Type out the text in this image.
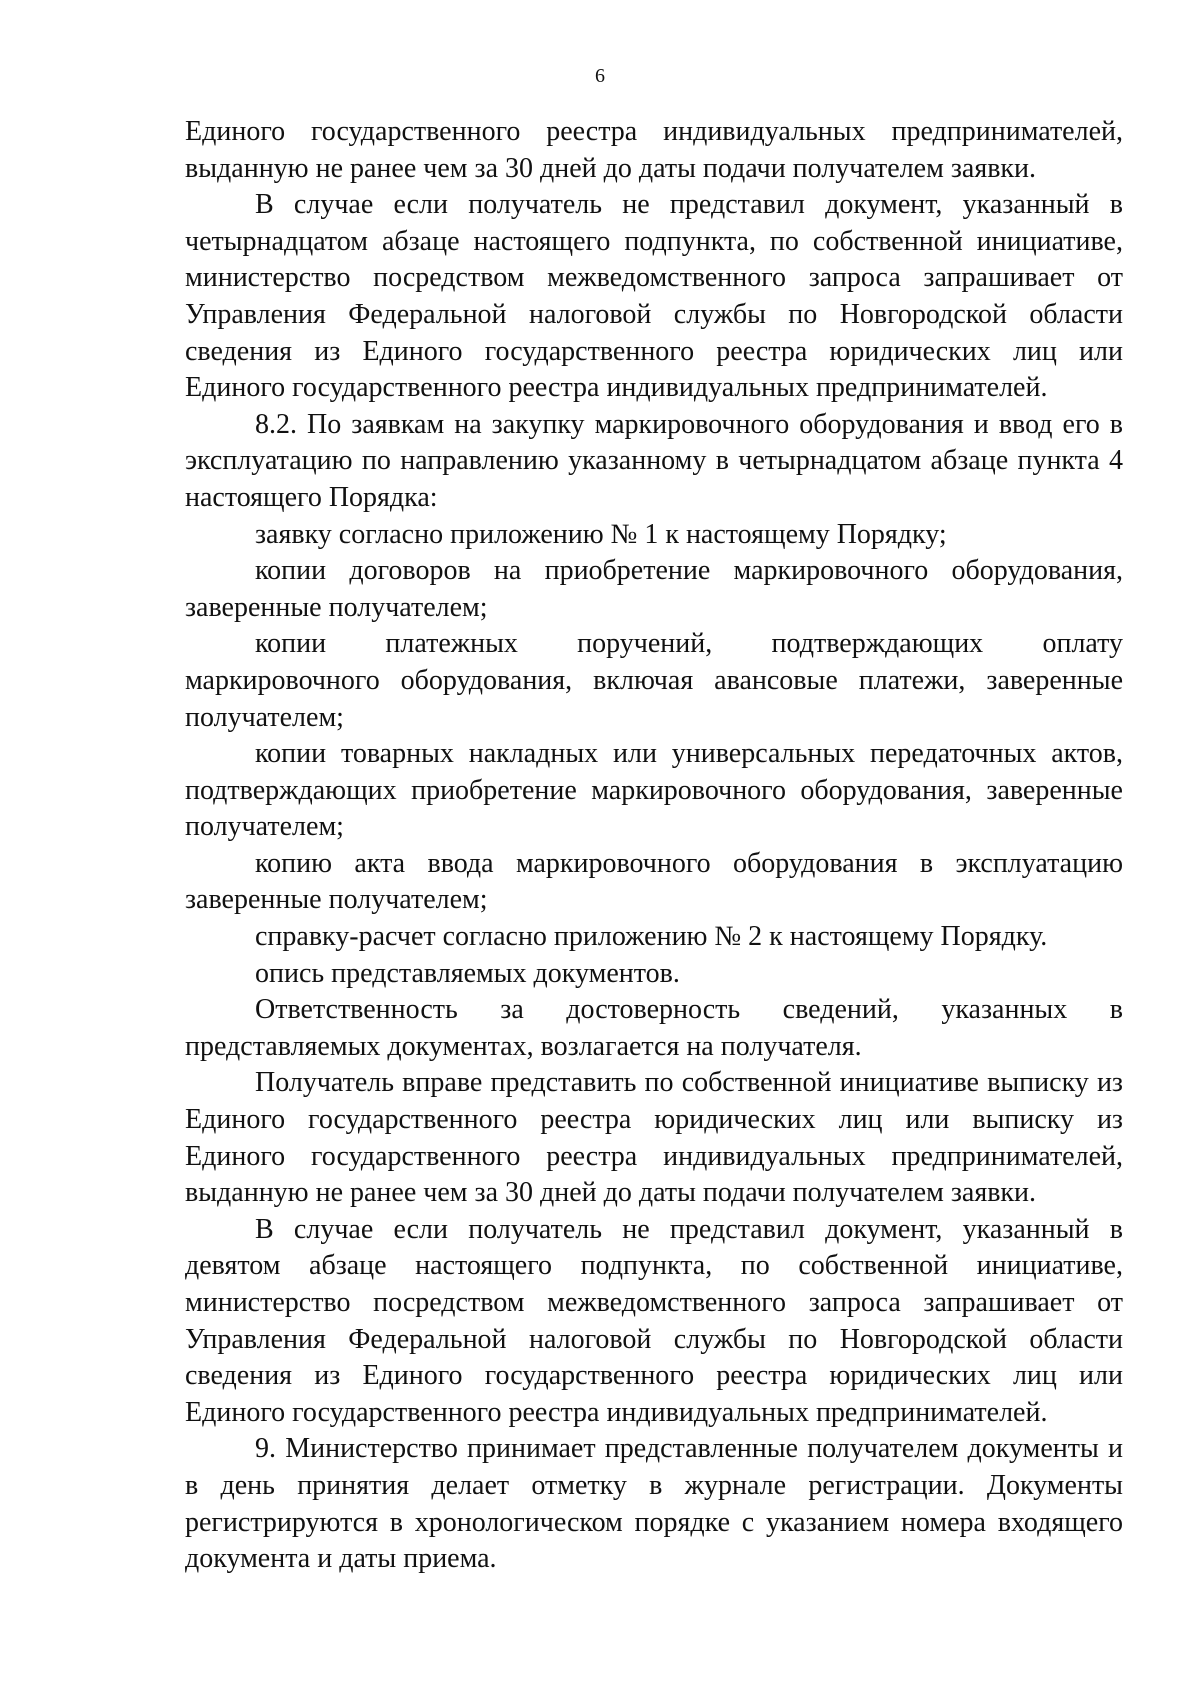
6
Единого государственного реестра индивидуальных предпринимателей,
выданную не ранее чем за 30 дней до даты подачи получателем заявки.
В случае если получатель не представил документ, указанный в
четырнадцатом абзаце настоящего подпункта, по собственной инициативе,
министерство посредством межведомственного запроса запрашивает от
Управления Федеральной налоговой службы по Новгородской области
сведения из Единого государственного реестра юридических лиц или
Единого государственного реестра индивидуальных предпринимателей.
8.2. По заявкам на закупку маркировочного оборудования и ввод его в
эксплуатацию по направлению указанному в четырнадцатом абзаце пункта 4
настоящего Порядка:
заявку согласно приложению № 1 к настоящему Порядку;
копии договоров на приобретение маркировочного оборудования,
заверенные получателем;
копии платежных поручений, подтверждающих оплату
маркировочного оборудования, включая авансовые платежи, заверенные
получателем;
копии товарных накладных или универсальных передаточных актов,
подтверждающих приобретение маркировочного оборудования, заверенные
получателем;
копию акта ввода маркировочного оборудования в эксплуатацию
заверенные получателем;
справку-расчет согласно приложению № 2 к настоящему Порядку.
опись представляемых документов.
Ответственность за достоверность сведений, указанных в
представляемых документах, возлагается на получателя.
Получатель вправе представить по собственной инициативе выписку из
Единого государственного реестра юридических лиц или выписку из
Единого государственного реестра индивидуальных предпринимателей,
выданную не ранее чем за 30 дней до даты подачи получателем заявки.
В случае если получатель не представил документ, указанный в
девятом абзаце настоящего подпункта, по собственной инициативе,
министерство посредством межведомственного запроса запрашивает от
Управления Федеральной налоговой службы по Новгородской области
сведения из Единого государственного реестра юридических лиц или
Единого государственного реестра индивидуальных предпринимателей.
9. Министерство принимает представленные получателем документы и
в день принятия делает отметку в журнале регистрации. Документы
регистрируются в хронологическом порядке с указанием номера входящего
документа и даты приема.
